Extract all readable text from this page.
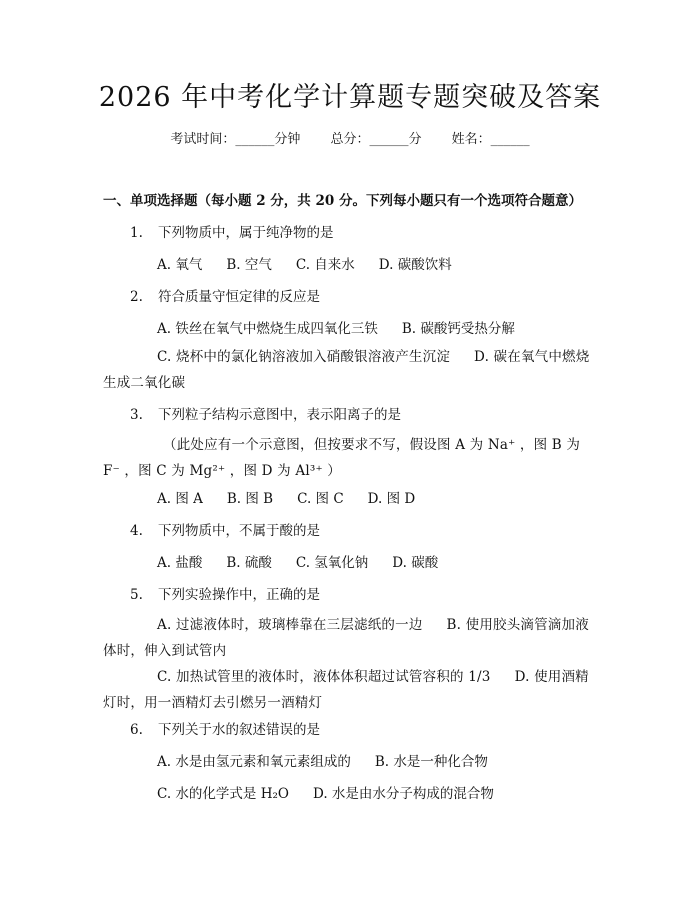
2026 年中考化学计算题专题突破及答案
考试时间：______分钟 总分：______分 姓名：______
一、单项选择题（每小题 2 分，共 20 分。下列每小题只有一个选项符合题意）
1. 下列物质中，属于纯净物的是
A. 氧气 B. 空气 C. 自来水 D. 碳酸饮料
2. 符合质量守恒定律的反应是
A. 铁丝在氧气中燃烧生成四氧化三铁 B. 碳酸钙受热分解
C. 烧杯中的氯化钠溶液加入硝酸银溶液产生沉淀 D. 碳在氧气中燃烧生成二氧化碳
3. 下列粒子结构示意图中，表示阳离子的是
（此处应有一个示意图，但按要求不写，假设图 A 为 Na⁺ ，图 B 为 F⁻ ，图 C 为 Mg²⁺ ，图 D 为 Al³⁺ ）
A. 图 A B. 图 B C. 图 C D. 图 D
4. 下列物质中，不属于酸的是
A. 盐酸 B. 硫酸 C. 氢氧化钠 D. 碳酸
5. 下列实验操作中，正确的是
A. 过滤液体时，玻璃棒靠在三层滤纸的一边 B. 使用胶头滴管滴加液体时，伸入到试管内
C. 加热试管里的液体时，液体体积超过试管容积的 1/3 D. 使用酒精灯时，用一酒精灯去引燃另一酒精灯
6. 下列关于水的叙述错误的是
A. 水是由氢元素和氧元素组成的 B. 水是一种化合物
C. 水的化学式是 H₂O D. 水是由水分子构成的混合物
